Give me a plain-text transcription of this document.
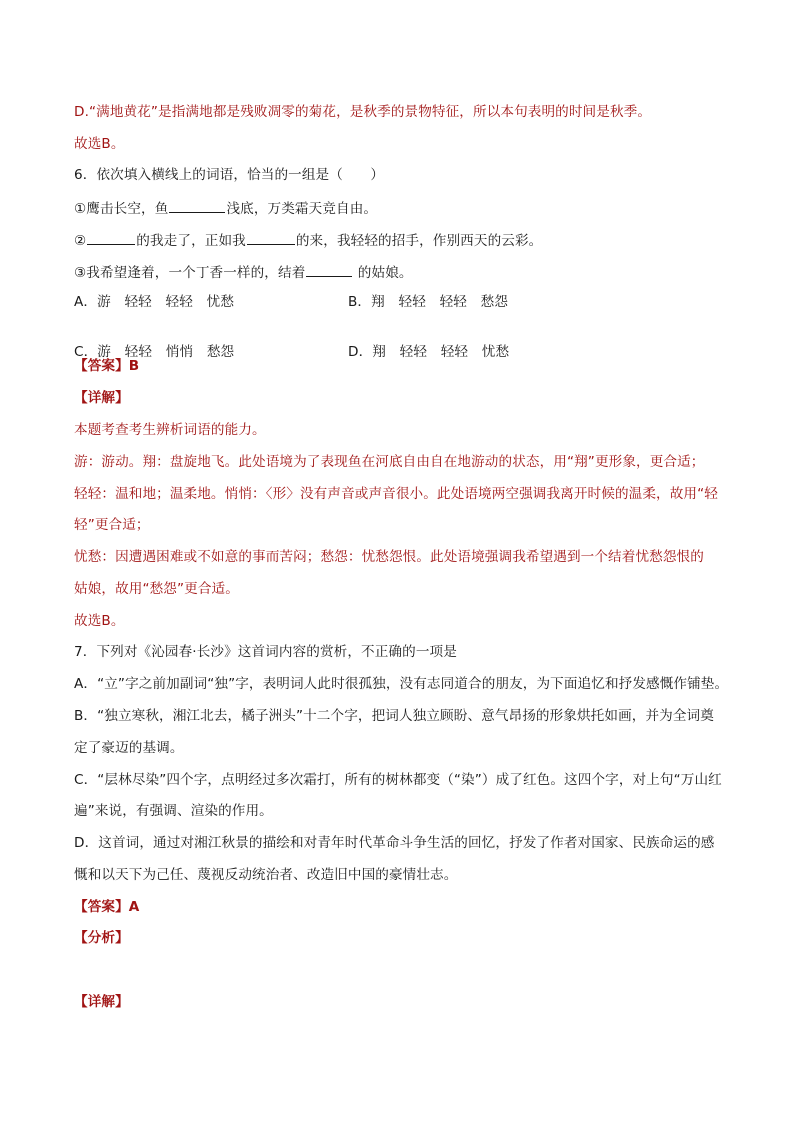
D.“满地黄花”是指满地都是残败凋零的菊花，是秋季的景物特征，所以本句表明的时间是秋季。
故选B。
6．依次填入横线上的词语，恰当的一组是（　　）
①鹰击长空，鱼	浅底，万类霜天竞自由。
②	的我走了，正如我	的来，我轻轻的招手，作别西天的云彩。
③我希望逢着，一个丁香一样的，结着	的姑娘。
A．游　轻轻　轻轻　忧愁	B．翔　轻轻　轻轻　愁怨
C．游　轻轻　悄悄　愁怨	D．翔　轻轻　轻轻　忧愁
【答案】B
【详解】
本题考查考生辨析词语的能力。
游：游动。翔：盘旋地飞。此处语境为了表现鱼在河底自由自在地游动的状态，用“翔”更形象，更合适；
轻轻：温和地；温柔地。悄悄：〈形〉没有声音或声音很小。此处语境两空强调我离开时候的温柔，故用“轻
轻”更合适；
忧愁：因遭遇困难或不如意的事而苦闷；愁怨：忧愁怨恨。此处语境强调我希望遇到一个结着忧愁怨恨的
姑娘，故用“愁怨”更合适。
故选B。
7．下列对《沁园春·长沙》这首词内容的赏析，不正确的一项是
A．“立”字之前加副词“独”字，表明词人此时很孤独，没有志同道合的朋友，为下面追忆和抒发感慨作铺垫。
B．“独立寒秋，湘江北去，橘子洲头”十二个字，把词人独立顾盼、意气昂扬的形象烘托如画，并为全词奠
定了豪迈的基调。
C．“层林尽染”四个字，点明经过多次霜打，所有的树林都变（“染”）成了红色。这四个字，对上句“万山红
遍”来说，有强调、渲染的作用。
D．这首词，通过对湘江秋景的描绘和对青年时代革命斗争生活的回忆，抒发了作者对国家、民族命运的感
慨和以天下为己任、蔑视反动统治者、改造旧中国的豪情壮志。
【答案】A
【分析】
【详解】
